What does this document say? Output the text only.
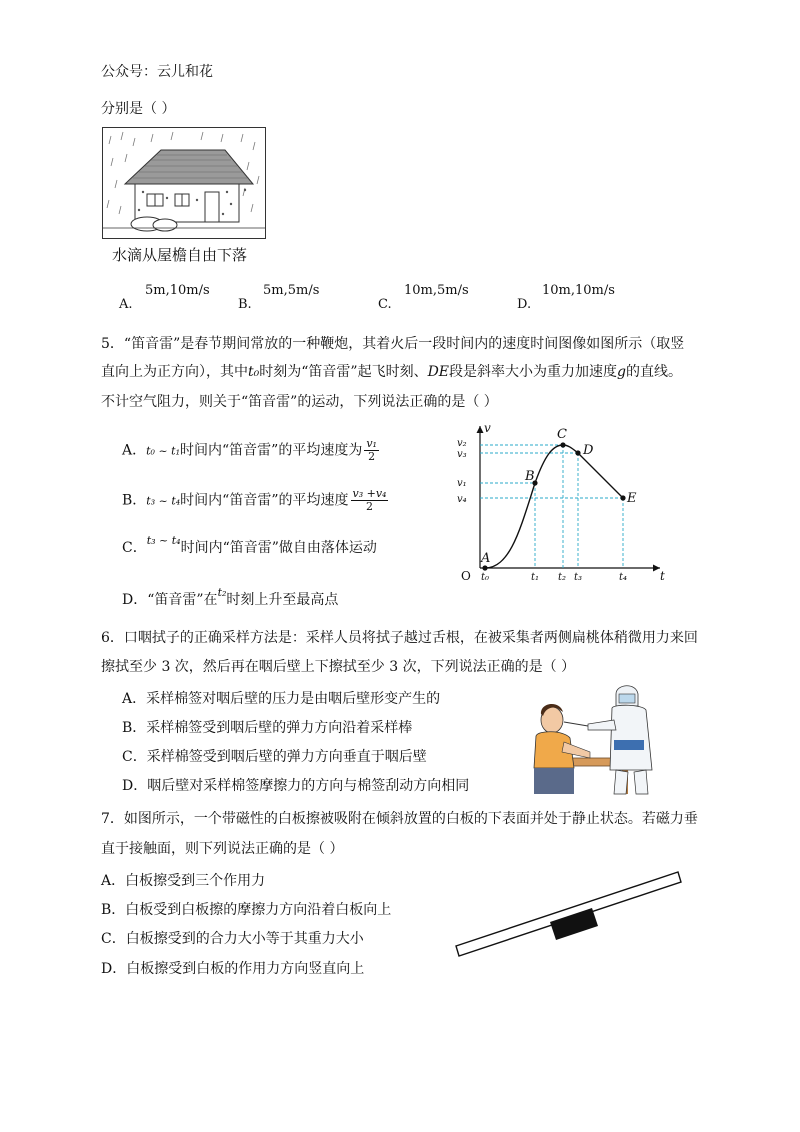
公众号：云儿和花
分别是（ ）
水滴从屋檐自由下落
A.
5m,10m/s
B.
5m,5m/s
C.
10m,5m/s
D.
10m,10m/s
5．“笛音雷”是春节期间常放的一种鞭炮，其着火后一段时间内的速度时间图像如图所示（取竖
直向上为正方向），其中t₀时刻为“笛音雷”起飞时刻、DE段是斜率大小为重力加速度g的直线。
不计空气阻力，则关于“笛音雷”的运动，下列说法正确的是（ ）
A．t₀ ~ t₁时间内“笛音雷”的平均速度为 $\frac{\text{v₁}}{2}$
B．t₃ ~ t₄时间内“笛音雷”的平均速度 $\frac{\text{v₃ +v₄}}{2}$
C．$^{t_3 \sim t_4}$时间内“笛音雷”做自由落体运动
D．“笛音雷”在$^{t_2}$时刻上升至最高点
v
t
O
v₂
v₃
v₁
v₄
t₀	t₁ t₂ t₃	t₄
A
B
C
D
E
6．口咽拭子的正确采样方法是：采样人员将拭子越过舌根，在被采集者两侧扁桃体稍微用力来回
擦拭至少 3 次，然后再在咽后壁上下擦拭至少 3 次，下列说法正确的是（ ）
A．采样棉签对咽后壁的压力是由咽后壁形变产生的
B．采样棉签受到咽后壁的弹力方向沿着采样棒
C．采样棉签受到咽后壁的弹力方向垂直于咽后壁
D．咽后壁对采样棉签摩擦力的方向与棉签刮动方向相同
7．如图所示，一个带磁性的白板擦被吸附在倾斜放置的白板的下表面并处于静止状态。若磁力垂
直于接触面，则下列说法正确的是（ ）
A．白板擦受到三个作用力
B．白板受到白板擦的摩擦力方向沿着白板向上
C．白板擦受到的合力大小等于其重力大小
D．白板擦受到白板的作用力方向竖直向上
